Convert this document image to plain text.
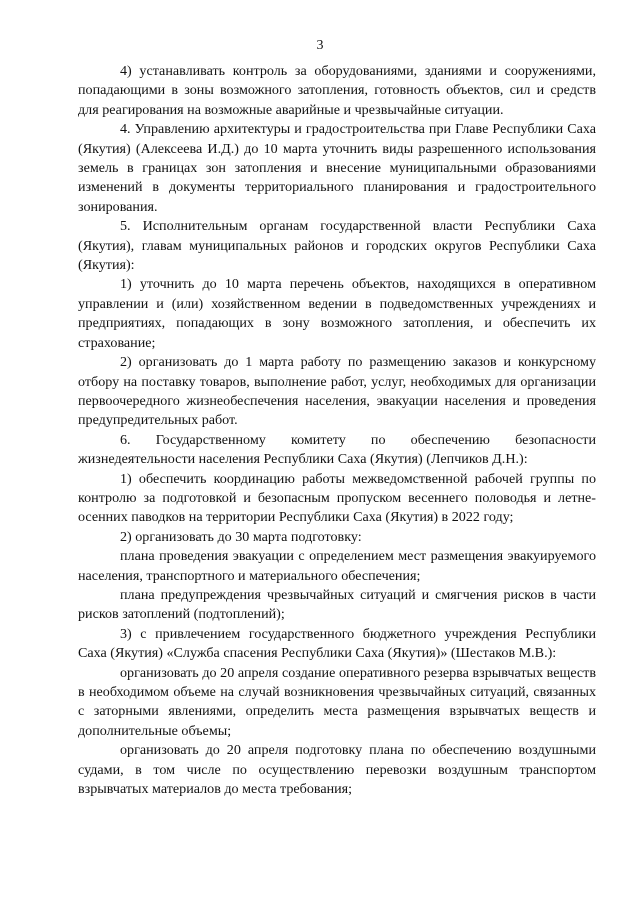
3

4) устанавливать контроль за оборудованиями, зданиями и сооружениями, попадающими в зоны возможного затопления, готовность объектов, сил и средств для реагирования на возможные аварийные и чрезвычайные ситуации.

4. Управлению архитектуры и градостроительства при Главе Республики Саха (Якутия) (Алексеева И.Д.) до 10 марта уточнить виды разрешенного использования земель в границах зон затопления и внесение муниципальными образованиями изменений в документы территориального планирования и градостроительного зонирования.

5. Исполнительным органам государственной власти Республики Саха (Якутия), главам муниципальных районов и городских округов Республики Саха (Якутия):

1) уточнить до 10 марта перечень объектов, находящихся в оперативном управлении и (или) хозяйственном ведении в подведомственных учреждениях и предприятиях, попадающих в зону возможного затопления, и обеспечить их страхование;

2) организовать до 1 марта работу по размещению заказов и конкурсному отбору на поставку товаров, выполнение работ, услуг, необходимых для организации первоочередного жизнеобеспечения населения, эвакуации населения и проведения предупредительных работ.

6. Государственному комитету по обеспечению безопасности жизнедеятельности населения Республики Саха (Якутия) (Лепчиков Д.Н.):

1) обеспечить координацию работы межведомственной рабочей группы по контролю за подготовкой и безопасным пропуском весеннего половодья и летне-осенних паводков на территории Республики Саха (Якутия) в 2022 году;

2) организовать до 30 марта подготовку:

плана проведения эвакуации с определением мест размещения эвакуируемого населения, транспортного и материального обеспечения;

плана предупреждения чрезвычайных ситуаций и смягчения рисков в части рисков затоплений (подтоплений);

3) с привлечением государственного бюджетного учреждения Республики Саха (Якутия) «Служба спасения Республики Саха (Якутия)» (Шестаков М.В.):

организовать до 20 апреля создание оперативного резерва взрывчатых веществ в необходимом объеме на случай возникновения чрезвычайных ситуаций, связанных с заторными явлениями, определить места размещения взрывчатых веществ и дополнительные объемы;

организовать до 20 апреля подготовку плана по обеспечению воздушными судами, в том числе по осуществлению перевозки воздушным транспортом взрывчатых материалов до места требования;
